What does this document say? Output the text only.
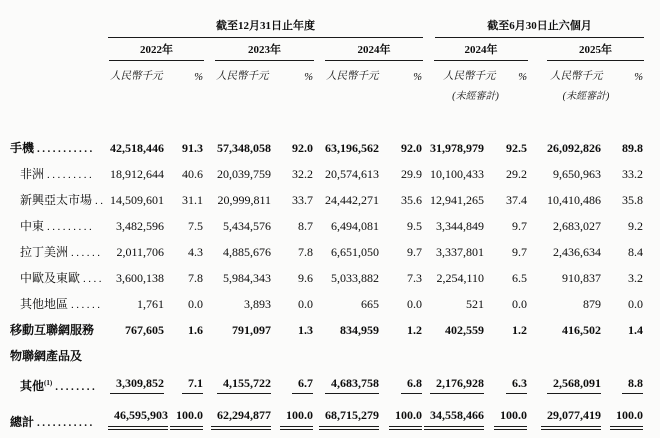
	截至12月31日止年度						截至6月30日止六個月			

	2022年		2023年		2024年		2024年		2025年	

	人民幣千元	%	人民幣千元	%	人民幣千元	%	人民幣千元	%	人民幣千元	%
							(未經審計)		(未經審計)	
手機 ...........	42,518,446	91.3	57,348,058	92.0	63,196,562	92.0	31,978,979	92.5	26,092,826	89.8
非洲 .........	18,912,644	40.6	20,039,759	32.2	20,574,613	29.9	10,100,433	29.2	9,650,963	33.2
新興亞太市場 ..	14,509,601	31.1	20,999,811	33.7	24,442,271	35.6	12,941,265	37.4	10,410,486	35.8
中東 .........	3,482,596	7.5	5,434,576	8.7	6,494,081	9.5	3,344,849	9.7	2,683,027	9.2
拉丁美洲 ......	2,011,706	4.3	4,885,676	7.8	6,651,050	9.7	3,337,801	9.7	2,436,634	8.4
中歐及東歐 ....	3,600,138	7.8	5,984,343	9.6	5,033,882	7.3	2,254,110	6.5	910,837	3.2
其他地區 ......	1,761	0.0	3,893	0.0	665	0.0	521	0.0	879	0.0
移動互聯網服務	767,605	1.6	791,097	1.3	834,959	1.2	402,559	1.2	416,502	1.4
物聯網產品及										
其他$^{(1)}$ ........	3,309,852	7.1	4,155,722	6.7	4,683,758	6.8	2,176,928	6.3	2,568,091	8.8
總計 ...........	46,595,903	100.0	62,294,877	100.0	68,715,279	100.0	34,558,466	100.0	29,077,419	100.0
